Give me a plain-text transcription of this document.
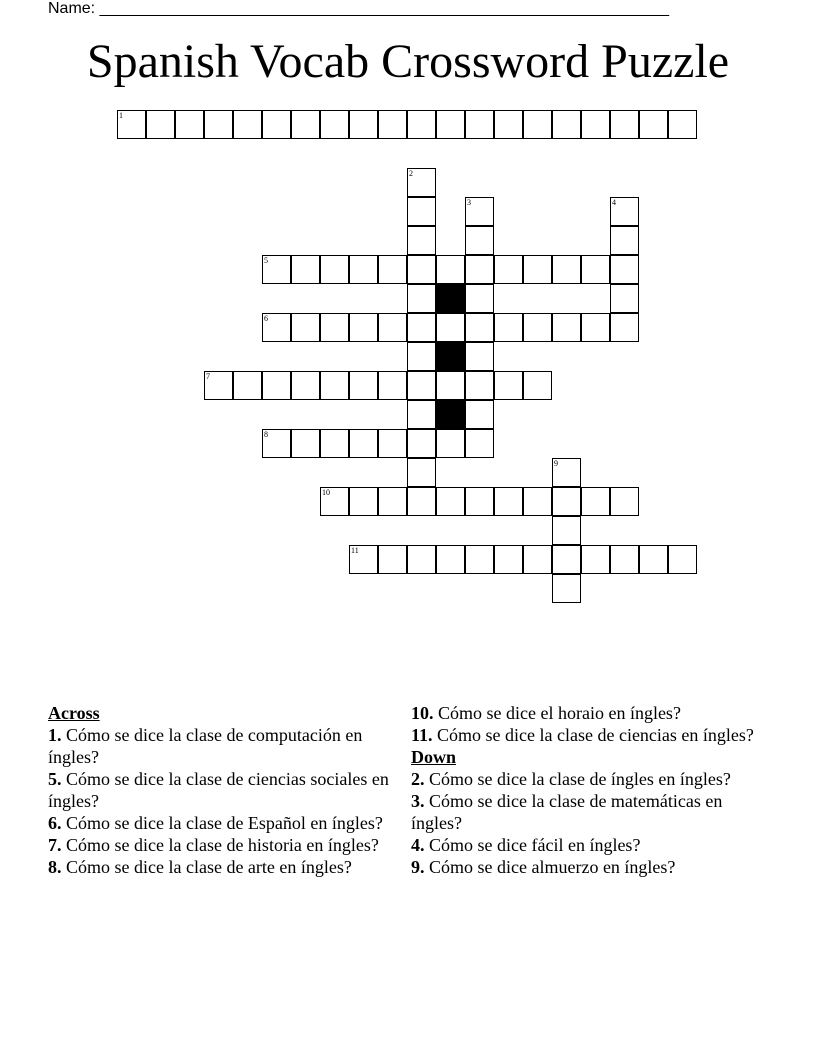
Name: ________________________________________________________________
Spanish Vocab Crossword Puzzle
1
2
3	4
5
6
7
8
9
10
11
Across
1. Cómo se dice la clase de computación en íngles?
5. Cómo se dice la clase de ciencias sociales en íngles?
6. Cómo se dice la clase de Español en íngles?
7. Cómo se dice la clase de historia en íngles?
8. Cómo se dice la clase de arte en íngles?
10. Cómo se dice el horaio en íngles?
11. Cómo se dice la clase de ciencias en íngles?
Down
2. Cómo se dice la clase de íngles en íngles?
3. Cómo se dice la clase de matemáticas en íngles?
4. Cómo se dice fácil en íngles?
9. Cómo se dice almuerzo en íngles?
